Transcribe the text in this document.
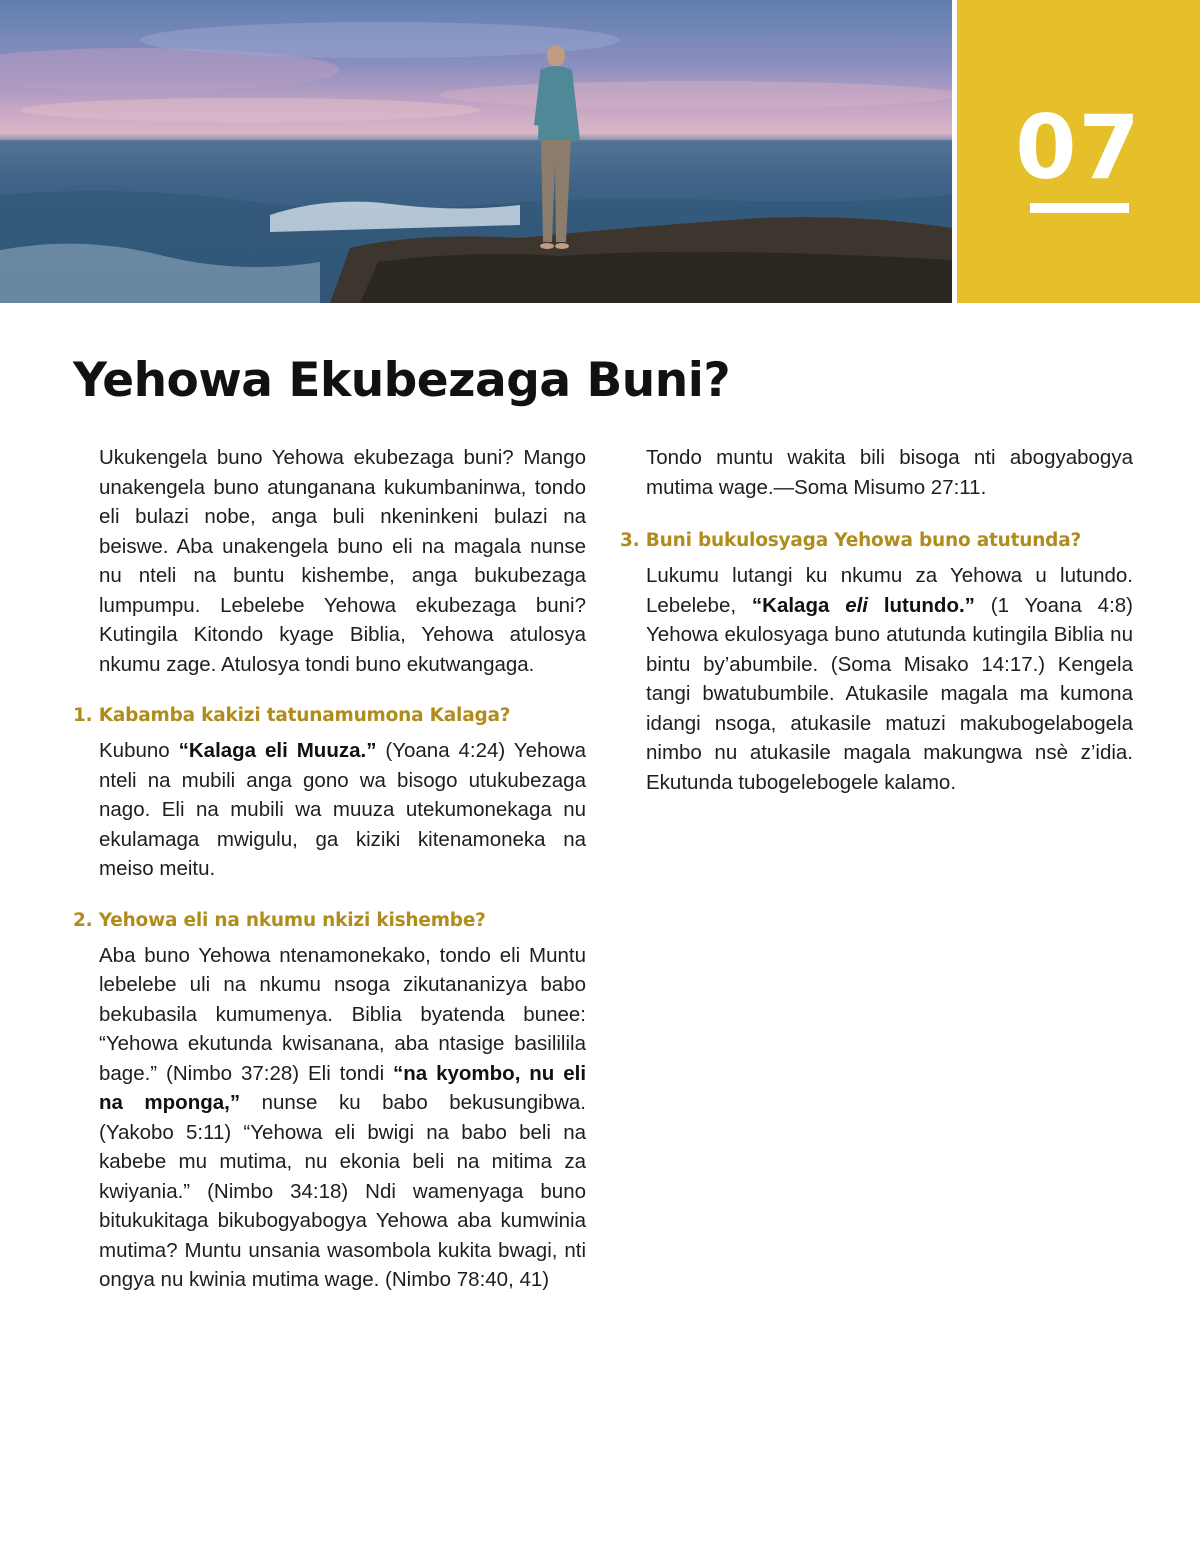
07
Yehowa Ekubezaga Buni?

Ukukengela buno Yehowa ekubezaga buni? Mango unakengela buno atunganana kukumbaninwa, tondo eli bulazi nobe, anga buli nkeninkeni bulazi na beiswe. Aba unakengela buno eli na magala nunse nu nteli na buntu kishembe, anga bukubezaga lumpumpu. Lebelebe Yehowa ekubezaga buni? Kutingila Kitondo kyage Biblia, Yehowa atulosya nkumu zage. Atulosya tondi buno ekutwangaga.

1. Kabamba kakizi tatunamumona Kalaga?

Kubuno “Kalaga eli Muuza.” (Yoana 4:24) Yehowa nteli na mubili anga gono wa bisogo utukubezaga nago. Eli na mubili wa muuza utekumonekaga nu ekulamaga mwigulu, ga kiziki kitenamoneka na meiso meitu.

2. Yehowa eli na nkumu nkizi kishembe?

Aba buno Yehowa ntenamonekako, tondo eli Muntu lebelebe uli na nkumu nsoga zikutananizya babo bekubasila kumumenya. Biblia byatenda bunee: “Yehowa ekutunda kwisanana, aba ntasige basililila bage.” (Nimbo 37:28) Eli tondi “na kyombo, nu eli na mponga,” nunse ku babo bekusungibwa. (Yakobo 5:11) “Yehowa eli bwigi na babo beli na kabebe mu mutima, nu ekonia beli na mitima za kwiyania.” (Nimbo 34:18) Ndi wamenyaga buno bitukukitaga bikubogyabogya Yehowa aba kumwinia mutima? Muntu unsania wasombola kukita bwagi, nti ongya nu kwinia mutima wage. (Nimbo 78:40, 41)

Tondo muntu wakita bili bisoga nti abogyabogya mutima wage.—Soma Misumo 27:11.

3. Buni bukulosyaga Yehowa buno atutunda?

Lukumu lutangi ku nkumu za Yehowa u lutundo. Lebelebe, “Kalaga eli lutundo.” (1 Yoana 4:8) Yehowa ekulosyaga buno atutunda kutingila Biblia nu bintu by’abumbile. (Soma Misako 14:17.) Kengela tangi bwatubumbile. Atukasile magala ma kumona idangi nsoga, atukasile matuzi makubogelabogela nimbo nu atukasile magala makungwa nsè z’idia. Ekutunda tubogelebogele kalamo.
